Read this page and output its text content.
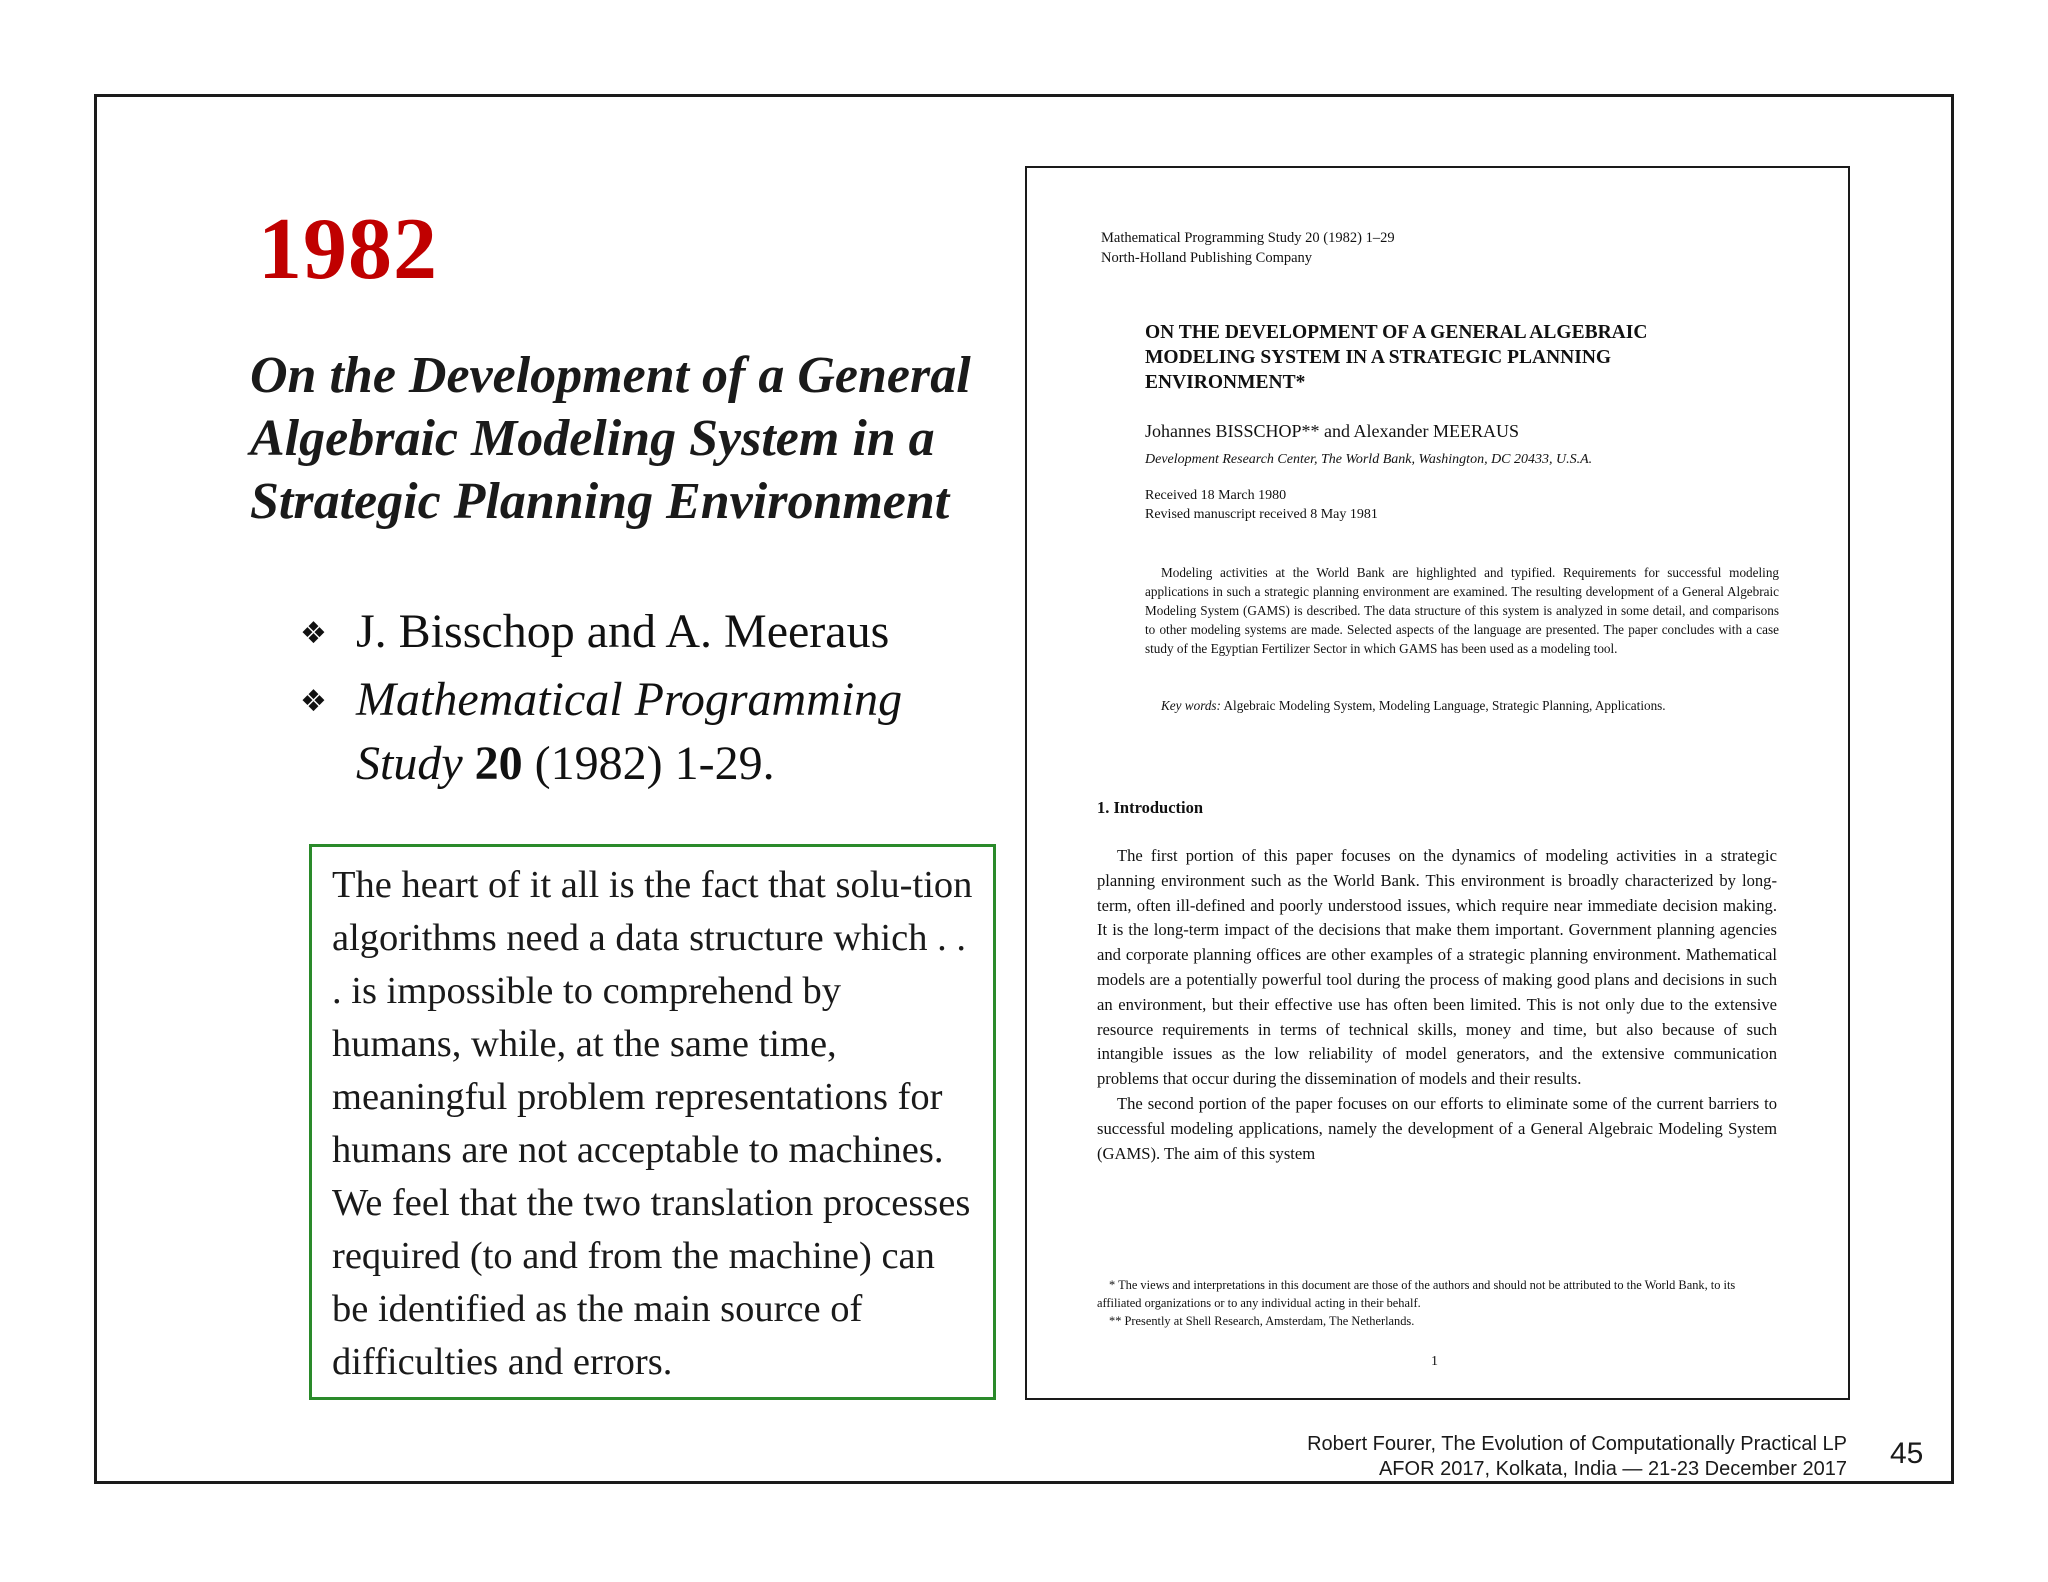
1982
On the Development of a General Algebraic Modeling System in a Strategic Planning Environment
❖ J. Bisschop and A. Meeraus
❖ Mathematical Programming Study 20 (1982) 1-29.

The heart of it all is the fact that solu-tion algorithms need a data structure which . . . is impossible to comprehend by humans, while, at the same time, meaningful problem representations for humans are not acceptable to machines. We feel that the two translation processes required (to and from the machine) can be identified as the main source of difficulties and errors.

Mathematical Programming Study 20 (1982) 1–29
North-Holland Publishing Company
ON THE DEVELOPMENT OF A GENERAL ALGEBRAIC MODELING SYSTEM IN A STRATEGIC PLANNING ENVIRONMENT*
Johannes BISSCHOP** and Alexander MEERAUS
Development Research Center, The World Bank, Washington, DC 20433, U.S.A.
Received 18 March 1980
Revised manuscript received 8 May 1981
Modeling activities at the World Bank are highlighted and typified. Requirements for successful modeling applications in such a strategic planning environment are examined. The resulting development of a General Algebraic Modeling System (GAMS) is described. The data structure of this system is analyzed in some detail, and comparisons to other modeling systems are made. Selected aspects of the language are presented. The paper concludes with a case study of the Egyptian Fertilizer Sector in which GAMS has been used as a modeling tool.
Key words: Algebraic Modeling System, Modeling Language, Strategic Planning, Applications.
1. Introduction

The first portion of this paper focuses on the dynamics of modeling activities in a strategic planning environment such as the World Bank. This environment is broadly characterized by long-term, often ill-defined and poorly understood issues, which require near immediate decision making. It is the long-term impact of the decisions that make them important. Government planning agencies and corporate planning offices are other examples of a strategic planning environment. Mathematical models are a potentially powerful tool during the process of making good plans and decisions in such an environment, but their effective use has often been limited. This is not only due to the extensive resource requirements in terms of technical skills, money and time, but also because of such intangible issues as the low reliability of model generators, and the extensive communication problems that occur during the dissemination of models and their results.

The second portion of the paper focuses on our efforts to eliminate some of the current barriers to successful modeling applications, namely the development of a General Algebraic Modeling System (GAMS). The aim of this system

* The views and interpretations in this document are those of the authors and should not be attributed to the World Bank, to its affiliated organizations or to any individual acting in their behalf.

** Presently at Shell Research, Amsterdam, The Netherlands.

1
Robert Fourer, The Evolution of Computationally Practical LP
AFOR 2017, Kolkata, India — 21-23 December 2017 45
